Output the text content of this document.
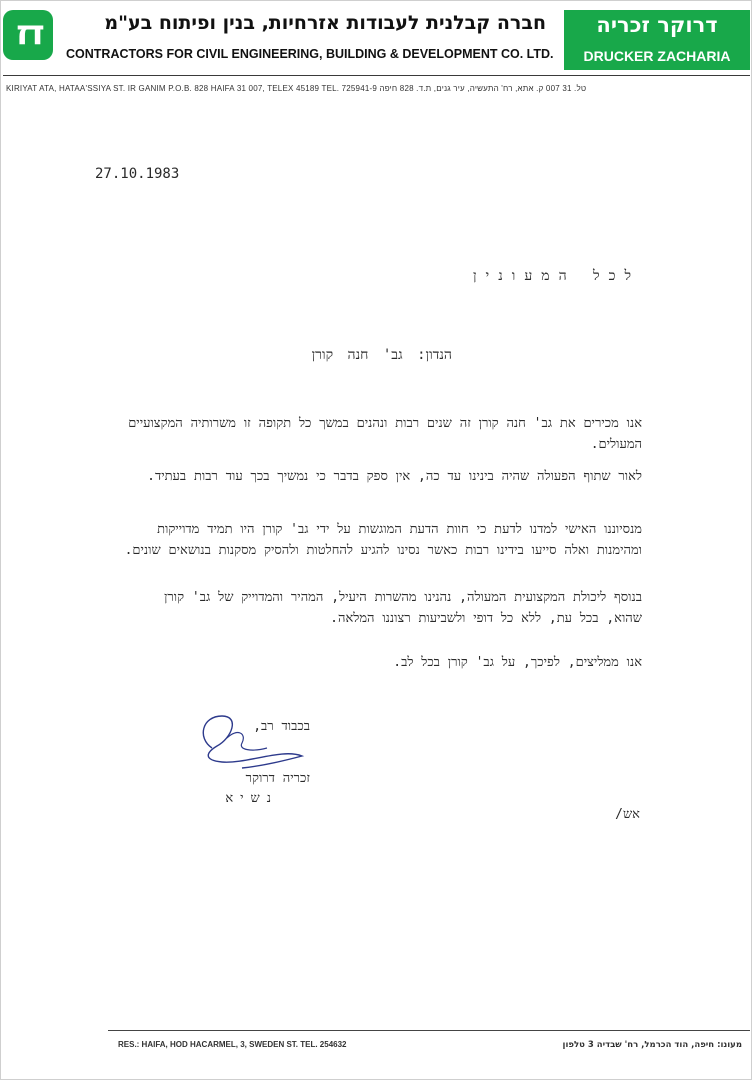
דז	חברה קבלנית לעבודות אזרחיות, בנין ופיתוח בע"מ
CONTRACTORS FOR CIVIL ENGINEERING, BUILDING & DEVELOPMENT CO. LTD.
דרוקר זכריה
DRUCKER ZACHARIA
KIRIYAT ATA, HATAA'SSIYA ST. IR GANIM P.O.B. 828 HAIFA 31 007, TELEX 45189 TEL. 725941-9 טל. 31 007 ק. אתא, רח' התעשיה, עיר גנים, ת.ד. 828 חיפה
27.10.1983
לכל המעונין
הנדון: גב' חנה קורן
אנו מכירים את גב' חנה קורן זה שנים רבות ונהנים במשך כל תקופה זו משרותיה המקצועיים המעולים.
לאור שתוף הפעולה שהיה בינינו עד כה, אין ספק בדבר כי נמשיך בכך עוד רבות בעתיד.
מנסיוננו האישי למדנו לדעת כי חוות הדעת המוגשות על ידי גב' קורן היו תמיד מדוייקות ומהימנות ואלה סייעו בידינו רבות כאשר נסינו להגיע להחלטות ולהסיק מסקנות בנושאים שונים.
בנוסף ליכולת המקצועית המעולה, נהנינו מהשרות היעיל, המהיר והמדוייק של גב' קורן שהוא, בכל עת, ללא כל דופי ולשביעות רצוננו המלאה.
אנו ממליצים, לפיכך, על גב' קורן בכל לב.
בכבוד רב,
זכריה דרוקר
נשיא
אש/
RES.: HAIFA, HOD HACARMEL, 3, SWEDEN ST. TEL. 254632	מעונו: חיפה, הוד הכרמל, רח' שבדיה 3 טלפון
